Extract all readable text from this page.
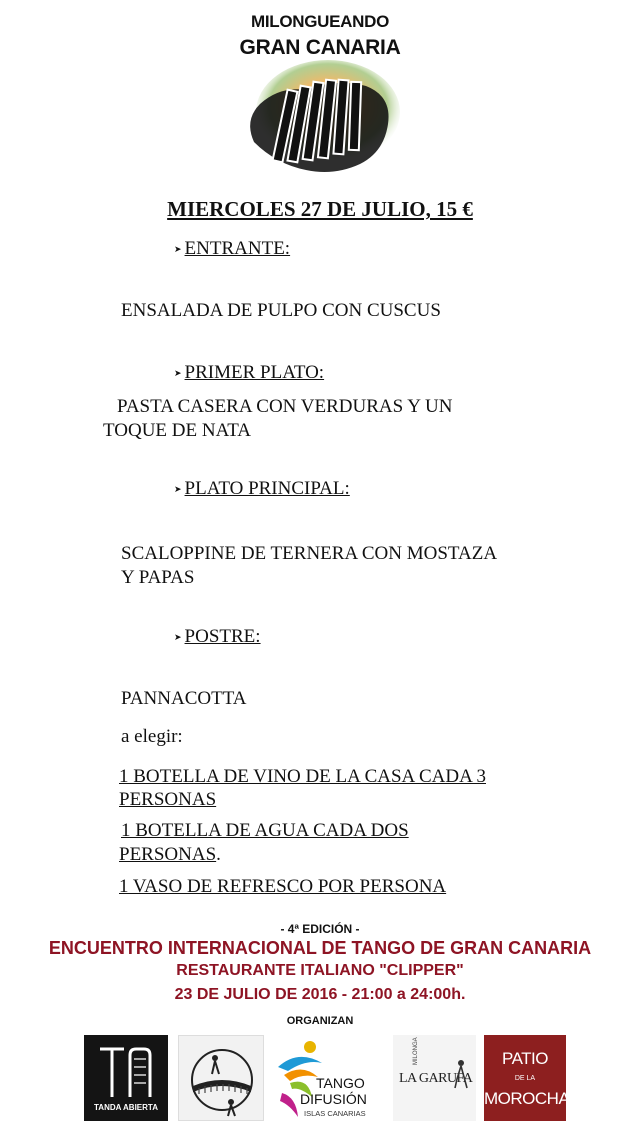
MILONGUEANDO
GRAN CANARIA
MIERCOLES 27 DE JULIO, 15 €
➤ ENTRANTE:
ENSALADA DE PULPO CON CUSCUS
➤ PRIMER PLATO:
PASTA CASERA CON VERDURAS Y UN
TOQUE DE NATA
➤ PLATO PRINCIPAL:
SCALOPPINE DE TERNERA CON MOSTAZA
Y PAPAS
➤ POSTRE:
PANNACOTTA
a elegir:
1 BOTELLA DE VINO DE LA CASA CADA 3
PERSONAS
1 BOTELLA DE AGUA CADA DOS
PERSONAS.
1 VASO DE REFRESCO POR PERSONA
- 4ª EDICIÓN -
ENCUENTRO INTERNACIONAL DE TANGO DE GRAN CANARIA
RESTAURANTE ITALIANO "CLIPPER"
23 DE JULIO DE 2016 - 21:00 a 24:00h.
ORGANIZAN
TANDA ABIERTA
TANGO
DIFUSIÓN
ISLAS CANARIAS
MILONGA
LA GARUFA
PATIO
DE LA
MOROCHA
